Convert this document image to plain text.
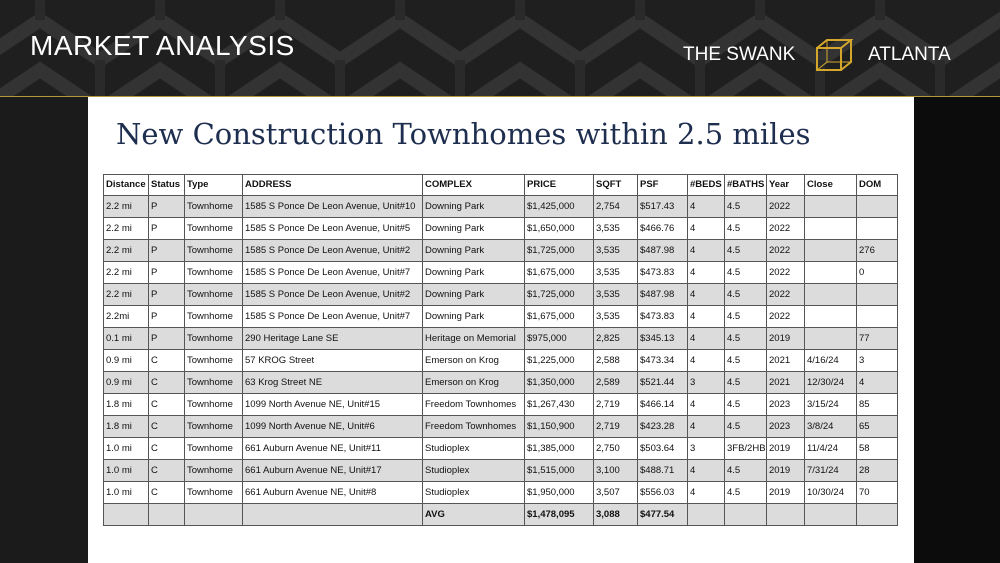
MARKET ANALYSIS	THE SWANK	ATLANTA
New Construction Townhomes within 2.5 miles
Distance	Status	Type	ADDRESS	COMPLEX	PRICE	SQFT	PSF	#BEDS	#BATHS	Year	Close	DOM
2.2 mi	P	Townhome	1585 S Ponce De Leon Avenue, Unit#10	Downing Park	$1,425,000	2,754	$517.43	4	4.5	2022		
2.2 mi	P	Townhome	1585 S Ponce De Leon Avenue, Unit#5	Downing Park	$1,650,000	3,535	$466.76	4	4.5	2022		
2.2 mi	P	Townhome	1585 S Ponce De Leon Avenue, Unit#2	Downing Park	$1,725,000	3,535	$487.98	4	4.5	2022		276
2.2 mi	P	Townhome	1585 S Ponce De Leon Avenue, Unit#7	Downing Park	$1,675,000	3,535	$473.83	4	4.5	2022		0
2.2 mi	P	Townhome	1585 S Ponce De Leon Avenue, Unit#2	Downing Park	$1,725,000	3,535	$487.98	4	4.5	2022		
2.2mi	P	Townhome	1585 S Ponce De Leon Avenue, Unit#7	Downing Park	$1,675,000	3,535	$473.83	4	4.5	2022		
0.1 mi	P	Townhome	290 Heritage Lane SE	Heritage on Memorial	$975,000	2,825	$345.13	4	4.5	2019		77
0.9 mi	C	Townhome	57 KROG Street	Emerson on Krog	$1,225,000	2,588	$473.34	4	4.5	2021	4/16/24	3
0.9 mi	C	Townhome	63 Krog Street NE	Emerson on Krog	$1,350,000	2,589	$521.44	3	4.5	2021	12/30/24	4
1.8 mi	C	Townhome	1099 North Avenue NE, Unit#15	Freedom Townhomes	$1,267,430	2,719	$466.14	4	4.5	2023	3/15/24	85
1.8 mi	C	Townhome	1099 North Avenue NE, Unit#6	Freedom Townhomes	$1,150,900	2,719	$423.28	4	4.5	2023	3/8/24	65
1.0 mi	C	Townhome	661 Auburn Avenue NE, Unit#11	Studioplex	$1,385,000	2,750	$503.64	3	3FB/2HB	2019	11/4/24	58
1.0 mi	C	Townhome	661 Auburn Avenue NE, Unit#17	Studioplex	$1,515,000	3,100	$488.71	4	4.5	2019	7/31/24	28
1.0 mi	C	Townhome	661 Auburn Avenue NE, Unit#8	Studioplex	$1,950,000	3,507	$556.03	4	4.5	2019	10/30/24	70
				AVG	$1,478,095	3,088	$477.54					
